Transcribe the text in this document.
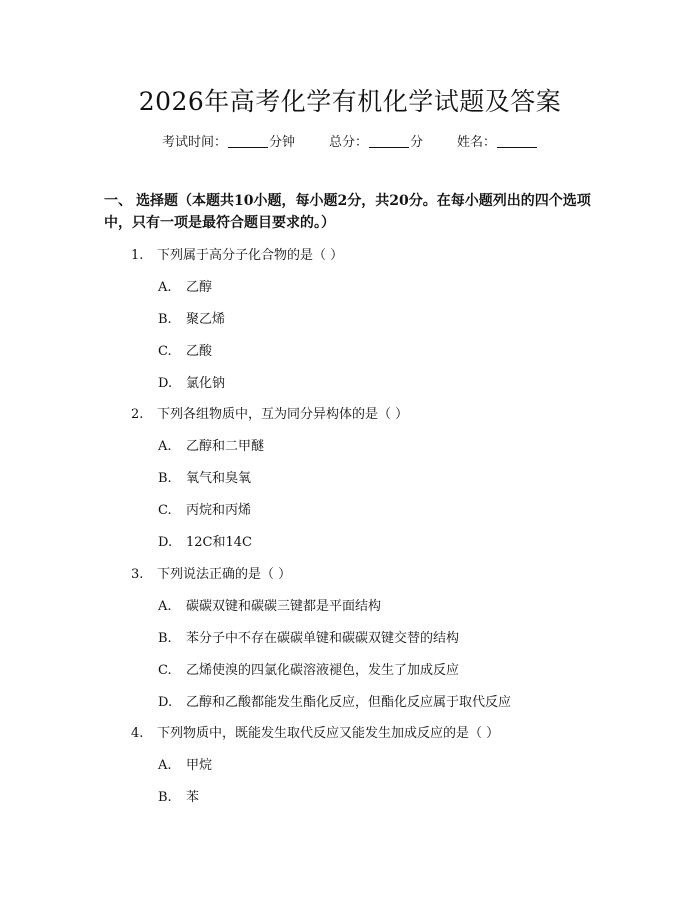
2026年高考化学有机化学试题及答案
考试时间：	分钟	总分：	分	姓名：
一、 选择题（本题共10小题，每小题2分，共20分。在每小题列出的四个选项中，只有一项是最符合题目要求的。）
1. 下列属于高分子化合物的是（ ）
A. 乙醇
B. 聚乙烯
C. 乙酸
D. 氯化钠
2. 下列各组物质中，互为同分异构体的是（ ）
A. 乙醇和二甲醚
B. 氧气和臭氧
C. 丙烷和丙烯
D. 12C和14C
3. 下列说法正确的是（ ）
A. 碳碳双键和碳碳三键都是平面结构
B. 苯分子中不存在碳碳单键和碳碳双键交替的结构
C. 乙烯使溴的四氯化碳溶液褪色，发生了加成反应
D. 乙醇和乙酸都能发生酯化反应，但酯化反应属于取代反应
4. 下列物质中，既能发生取代反应又能发生加成反应的是（ ）
A. 甲烷
B. 苯
